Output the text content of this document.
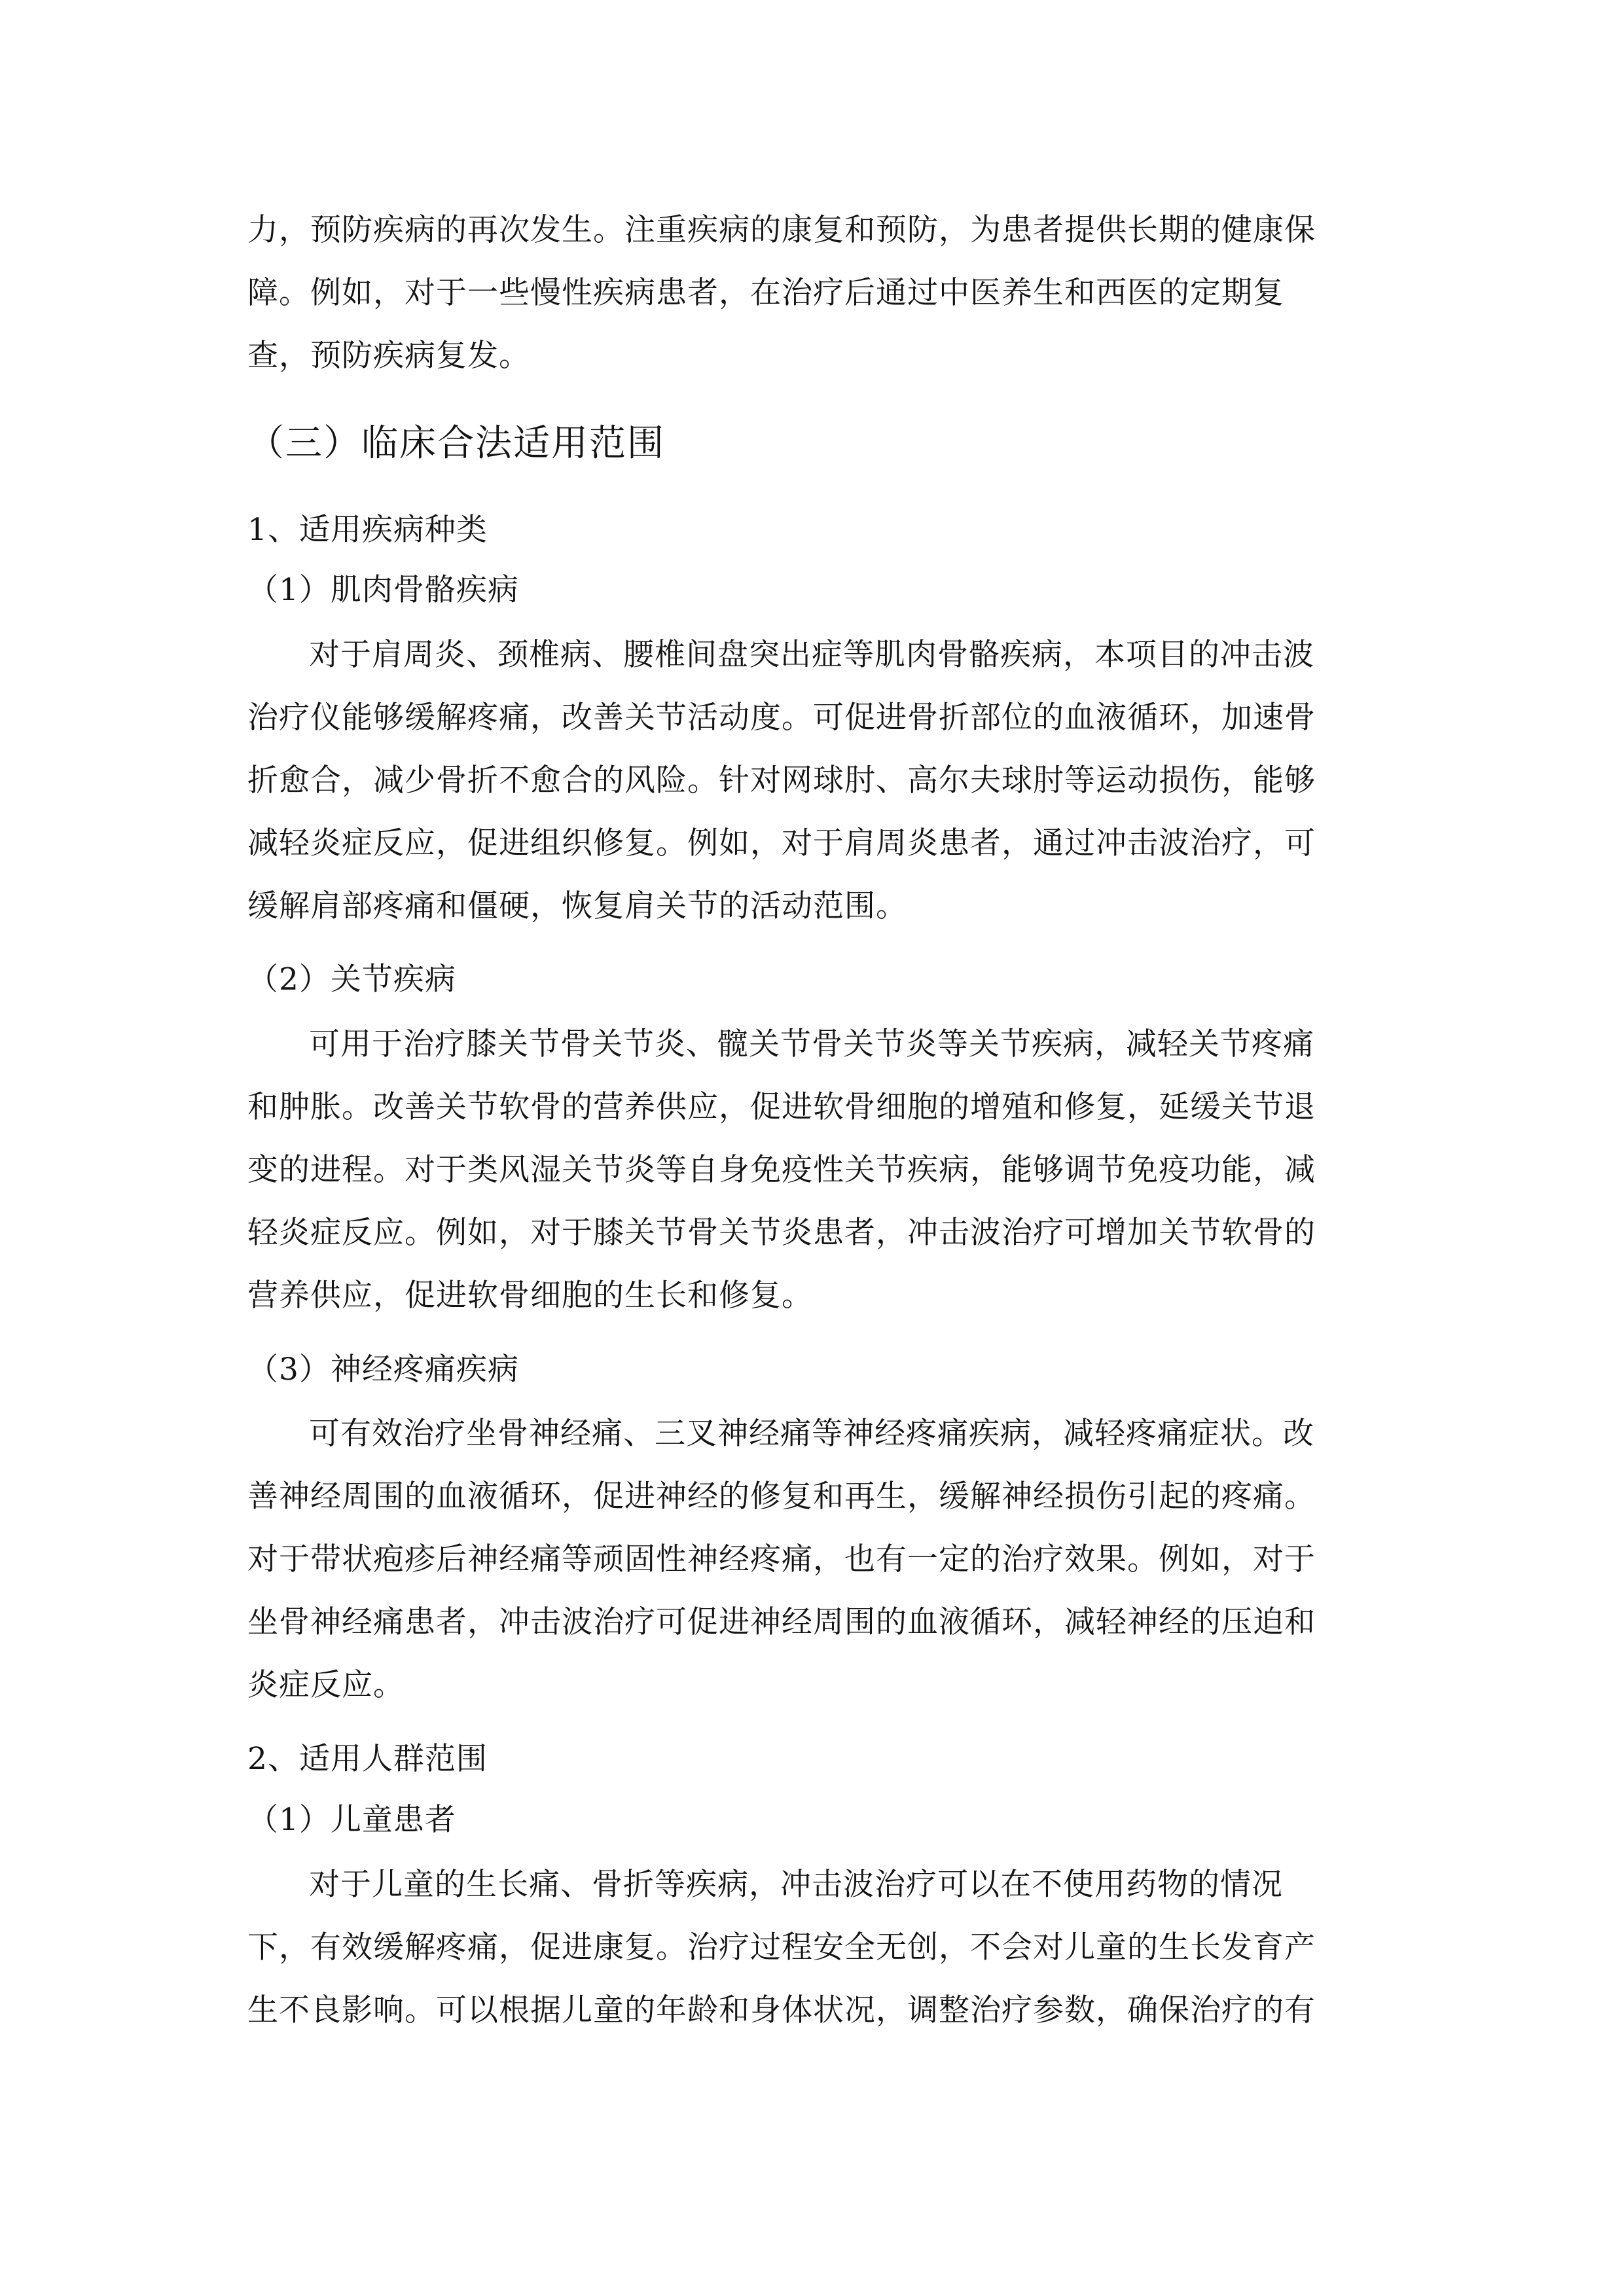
力，预防疾病的再次发生。注重疾病的康复和预防，为患者提供长期的健康保
障。例如，对于一些慢性疾病患者，在治疗后通过中医养生和西医的定期复
查，预防疾病复发。
（三）临床合法适用范围
1、适用疾病种类
（1）肌肉骨骼疾病
对于肩周炎、颈椎病、腰椎间盘突出症等肌肉骨骼疾病，本项目的冲击波
治疗仪能够缓解疼痛，改善关节活动度。可促进骨折部位的血液循环，加速骨
折愈合，减少骨折不愈合的风险。针对网球肘、高尔夫球肘等运动损伤，能够
减轻炎症反应，促进组织修复。例如，对于肩周炎患者，通过冲击波治疗，可
缓解肩部疼痛和僵硬，恢复肩关节的活动范围。
（2）关节疾病
可用于治疗膝关节骨关节炎、髋关节骨关节炎等关节疾病，减轻关节疼痛
和肿胀。改善关节软骨的营养供应，促进软骨细胞的增殖和修复，延缓关节退
变的进程。对于类风湿关节炎等自身免疫性关节疾病，能够调节免疫功能，减
轻炎症反应。例如，对于膝关节骨关节炎患者，冲击波治疗可增加关节软骨的
营养供应，促进软骨细胞的生长和修复。
（3）神经疼痛疾病
可有效治疗坐骨神经痛、三叉神经痛等神经疼痛疾病，减轻疼痛症状。改
善神经周围的血液循环，促进神经的修复和再生，缓解神经损伤引起的疼痛。
对于带状疱疹后神经痛等顽固性神经疼痛，也有一定的治疗效果。例如，对于
坐骨神经痛患者，冲击波治疗可促进神经周围的血液循环，减轻神经的压迫和
炎症反应。
2、适用人群范围
（1）儿童患者
对于儿童的生长痛、骨折等疾病，冲击波治疗可以在不使用药物的情况
下，有效缓解疼痛，促进康复。治疗过程安全无创，不会对儿童的生长发育产
生不良影响。可以根据儿童的年龄和身体状况，调整治疗参数，确保治疗的有
